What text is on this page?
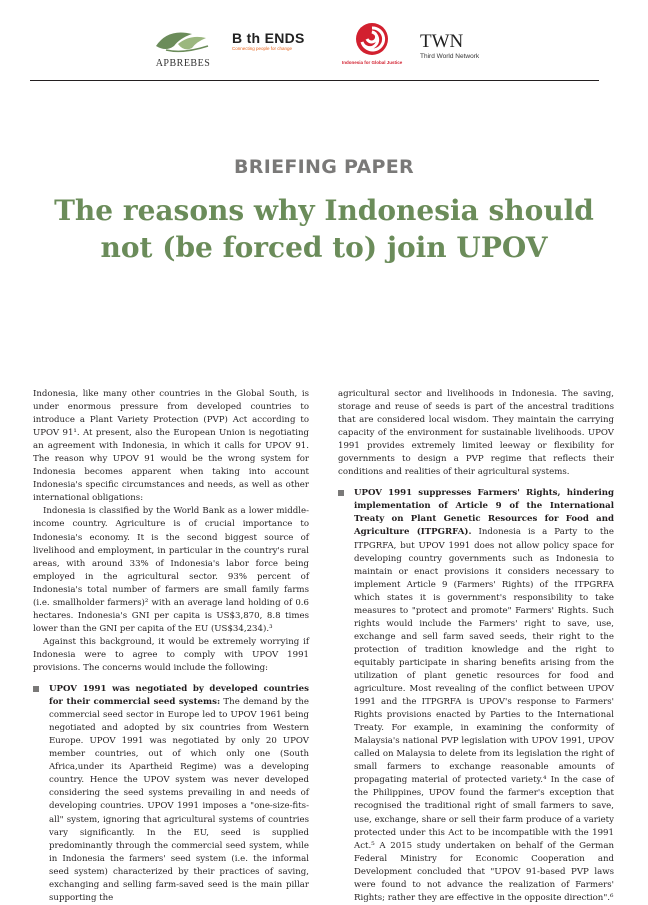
APBREBES
B th ENDS
Connecting people for change
Indonesia for Global Justice
TWN
Third World Network
BRIEFING PAPER
The reasons why Indonesia should not (be forced to) join UPOV

Indonesia, like many other countries in the Global South, is under enormous pressure from developed countries to introduce a Plant Variety Protection (PVP) Act according to UPOV 91¹. At present, also the European Union is negotiating an agreement with Indonesia, in which it calls for UPOV 91. The reason why UPOV 91 would be the wrong system for Indonesia becomes apparent when taking into account Indonesia's specific circumstances and needs, as well as other international obligations:

Indonesia is classified by the World Bank as a lower middle-income country. Agriculture is of crucial importance to Indonesia's economy. It is the second biggest source of livelihood and employment, in particular in the country's rural areas, with around 33% of Indonesia's labor force being employed in the agricultural sector. 93% percent of Indonesia's total number of farmers are small family farms (i.e. smallholder farmers)² with an average land holding of 0.6 hectares. Indonesia's GNI per capita is US$3,870, 8.8 times lower than the GNI per capita of the EU (US$34,234).³

Against this background, it would be extremely worrying if Indonesia were to agree to comply with UPOV 1991 provisions. The concerns would include the following:

UPOV 1991 was negotiated by developed countries for their commercial seed systems: The demand by the commercial seed sector in Europe led to UPOV 1961 being negotiated and adopted by six countries from Western Europe. UPOV 1991 was negotiated by only 20 UPOV member countries, out of which only one (South Africa,under its Apartheid Regime) was a developing country. Hence the UPOV system was never developed considering the seed systems prevailing in and needs of developing countries. UPOV 1991 imposes a "one-size-fits-all" system, ignoring that agricultural systems of countries vary significantly. In the EU, seed is supplied predominantly through the commercial seed system, while in Indonesia the farmers' seed system (i.e. the informal seed system) characterized by their practices of saving, exchanging and selling farm-saved seed is the main pillar supporting the

agricultural sector and livelihoods in Indonesia. The saving, storage and reuse of seeds is part of the ancestral traditions that are considered local wisdom. They maintain the carrying capacity of the environment for sustainable livelihoods. UPOV 1991 provides extremely limited leeway or flexibility for governments to design a PVP regime that reflects their conditions and realities of their agricultural systems.

UPOV 1991 suppresses Farmers' Rights, hindering implementation of Article 9 of the International Treaty on Plant Genetic Resources for Food and Agriculture (ITPGRFA). Indonesia is a Party to the ITPGRFA, but UPOV 1991 does not allow policy space for developing country governments such as Indonesia to maintain or enact provisions it considers necessary to implement Article 9 (Farmers' Rights) of the ITPGRFA which states it is government's responsibility to take measures to "protect and promote" Farmers' Rights. Such rights would include the Farmers' right to save, use, exchange and sell farm saved seeds, their right to the protection of tradition knowledge and the right to equitably participate in sharing benefits arising from the utilization of plant genetic resources for food and agriculture. Most revealing of the conflict between UPOV 1991 and the ITPGRFA is UPOV's response to Farmers' Rights provisions enacted by Parties to the International Treaty. For example, in examining the conformity of Malaysia's national PVP legislation with UPOV 1991, UPOV called on Malaysia to delete from its legislation the right of small farmers to exchange reasonable amounts of propagating material of protected variety.⁴ In the case of the Philippines, UPOV found the farmer's exception that recognised the traditional right of small farmers to save, use, exchange, share or sell their farm produce of a variety protected under this Act to be incompatible with the 1991 Act.⁵ A 2015 study undertaken on behalf of the German Federal Ministry for Economic Cooperation and Development concluded that "UPOV 91-based PVP laws were found to not advance the realization of Farmers' Rights; rather they are effective in the opposite direction".⁶
